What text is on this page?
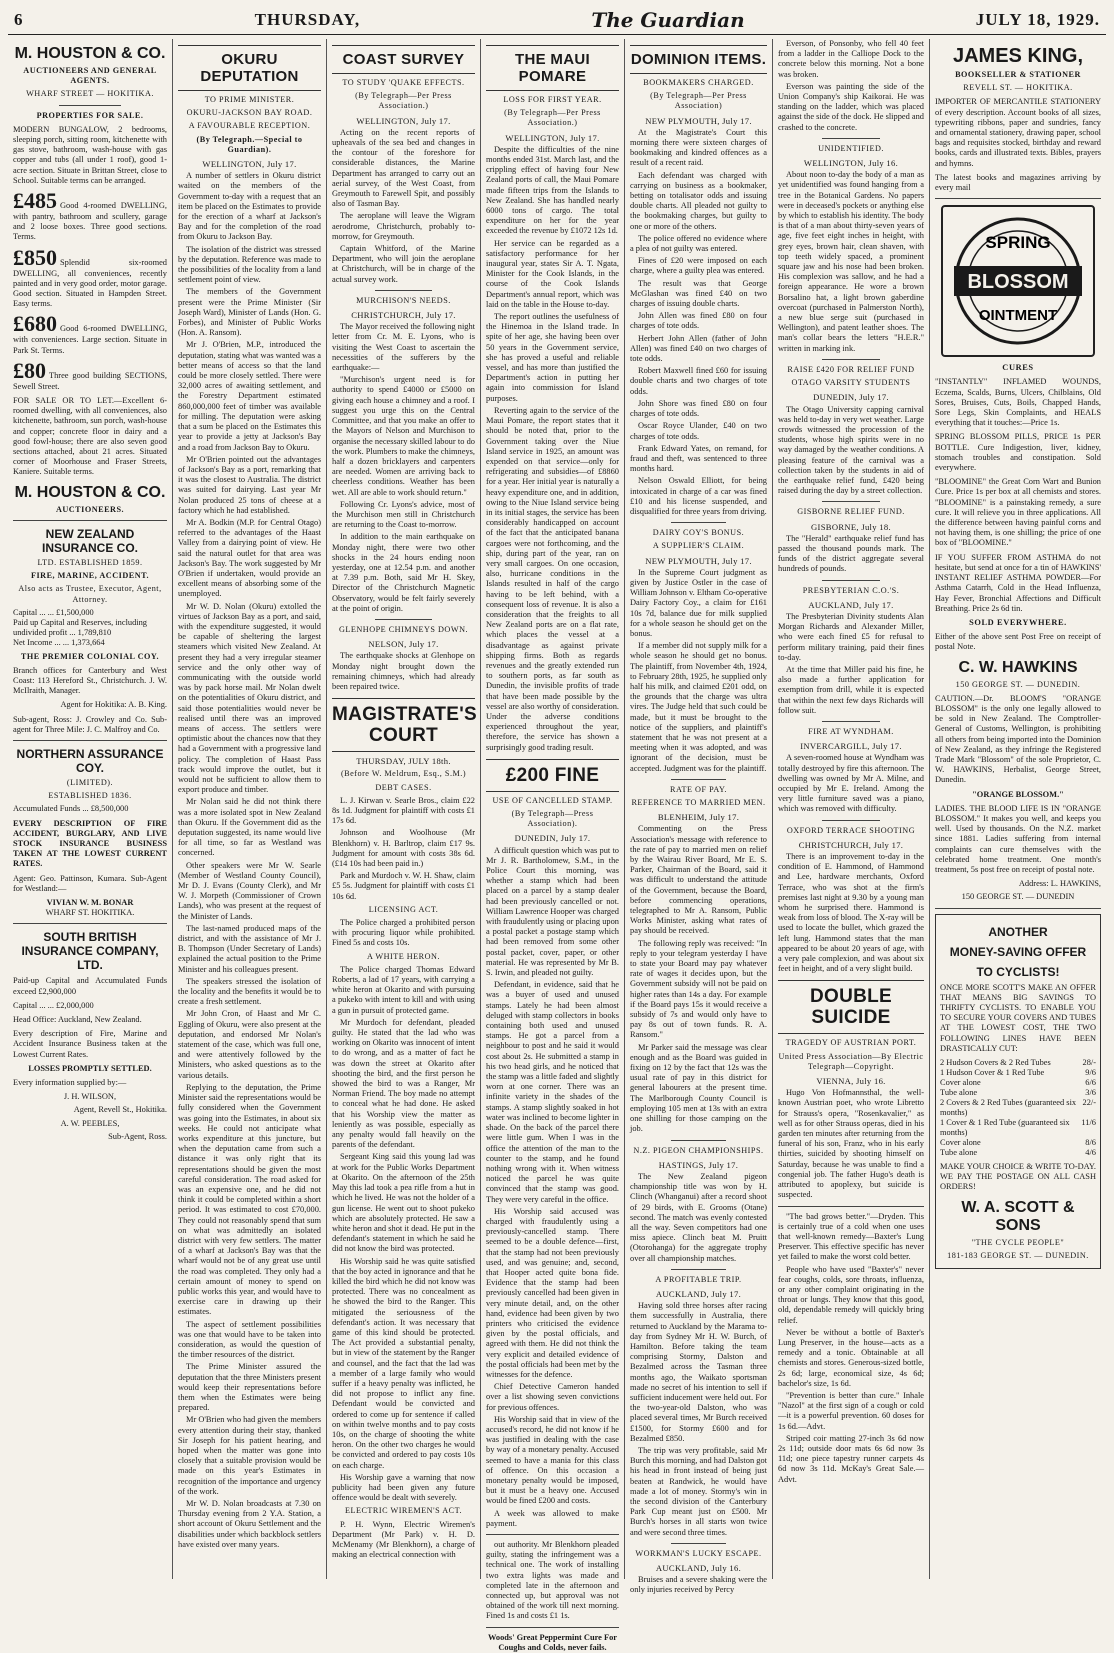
6	THURSDAY,	The Guardian	JULY 18, 1929.
M. HOUSTON & CO.
AUCTIONEERS AND GENERAL AGENTS.
WHARF STREET — HOKITIKA.
PROPERTIES FOR SALE.
MODERN BUNGALOW, 2 bedrooms, sleeping porch, sitting room, kitchenette with gas stove, bathroom, wash-house with gas copper and tubs (all under 1 roof), good 1-acre section. Situate in Brittan Street, close to School. Suitable terms can be arranged.
£485 Good 4-roomed DWELLING, with pantry, bathroom and scullery, garage and 2 loose boxes. Three good sections. Terms.
£850 Splendid six-roomed DWELLING, all conveniences, recently painted and in very good order, motor garage. Good section. Situated in Hampden Street. Easy terms.
£680 Good 6-roomed DWELLING, with conveniences. Large section. Situate in Park St. Terms.
£80 Three good building SECTIONS, Sewell Street.
FOR SALE OR TO LET.—Excellent 6-roomed dwelling, with all conveniences, also kitchenette, bathroom, sun porch, wash-house and copper; concrete floor in dairy and a good fowl-house; there are also seven good sections attached, about 21 acres. Situated corner of Moorhouse and Fraser Streets, Kaniere. Suitable terms.
M. HOUSTON & CO.
AUCTIONEERS.
NEW ZEALAND INSURANCE CO.
LTD. ESTABLISHED 1859.
FIRE, MARINE, ACCIDENT.
Also acts as Trustee, Executor, Agent, Attorney.
Capital ... ... £1,500,000
Paid up Capital and Reserves, including undivided profit ... 1,789,810
Net Income ... ... 1,373,664
THE PREMIER COLONIAL COY.
Branch offices for Canterbury and West Coast: 113 Hereford St., Christchurch. J. W. McIlraith, Manager.
Agent for Hokitika: A. B. King.
Sub-agent, Ross: J. Crowley and Co. Sub-agent for Three Mile: J. C. Malfroy and Co.
NORTHERN ASSURANCE COY.
(LIMITED).
ESTABLISHED 1836.
Accumulated Funds ... £8,500,000
EVERY DESCRIPTION OF FIRE ACCIDENT, BURGLARY, AND LIVE STOCK INSURANCE BUSINESS TAKEN AT THE LOWEST CURRENT RATES.
Agent: Geo. Pattinson, Kumara. Sub-Agent for Westland:—
VIVIAN W. M. BONAR
WHARF ST. HOKITIKA.
SOUTH BRITISH INSURANCE COMPANY, LTD.
Paid-up Capital and Accumulated Funds exceed £2,900,000
Capital ... ... £2,000,000
Head Office: Auckland, New Zealand.
Every description of Fire, Marine and Accident Insurance Business taken at the Lowest Current Rates.
LOSSES PROMPTLY SETTLED.
Every information supplied by:—
J. H. WILSON,
Agent, Revell St., Hokitika.
A. W. PEEBLES,
Sub-Agent, Ross.
OKURU DEPUTATION
TO PRIME MINISTER.
OKURU-JACKSON BAY ROAD.
A FAVOURABLE RECEPTION.
(By Telegraph.—Special to Guardian).
WELLINGTON, July 17.

A number of settlers in Okuru district waited on the members of the Government to-day with a request that an item be placed on the Estimates to provide for the erection of a wharf at Jackson's Bay and for the completion of the road from Okuru to Jackson Bay.

The isolation of the district was stressed by the deputation. Reference was made to the possibilities of the locality from a land settlement point of view.

The members of the Government present were the Prime Minister (Sir Joseph Ward), Minister of Lands (Hon. G. Forbes), and Minister of Public Works (Hon. A. Ransom).

Mr J. O'Brien, M.P., introduced the deputation, stating what was wanted was a better means of access so that the land could be more closely settled. There were 32,000 acres of awaiting settlement, and the Forestry Department estimated 860,000,000 feet of timber was available for milling. The deputation were asking that a sum be placed on the Estimates this year to provide a jetty at Jackson's Bay and a road from Jackson Bay to Okuru.

Mr O'Brien pointed out the advantages of Jackson's Bay as a port, remarking that it was the closest to Australia. The district was suited for dairying. Last year Mr Nolan produced 25 tons of cheese at a factory which he had established.

Mr A. Bodkin (M.P. for Central Otago) referred to the advantages of the Haast Valley from a dairying point of view. He said the natural outlet for that area was Jackson's Bay. The work suggested by Mr O'Brien if undertaken, would provide an excellent means of absorbing some of the unemployed.

Mr W. D. Nolan (Okuru) extolled the virtues of Jackson Bay as a port, and said, with the expenditure suggested, it would be capable of sheltering the largest steamers which visited New Zealand. At present they had a very irregular steamer service and the only other way of communicating with the outside world was by pack horse mail. Mr Nolan dwelt on the potentialities of Okuru district, and said those potentialities would never be realised until there was an improved means of access. The settlers were optimistic about the chances now that they had a Government with a progressive land policy. The completion of Haast Pass track would improve the outlet, but it would not be sufficient to allow them to export produce and timber.

Mr Nolan said he did not think there was a more isolated spot in New Zealand than Okuru. If the Government did as the deputation suggested, its name would live for all time, so far as Westland was concerned.

Other speakers were Mr W. Searle (Member of Westland County Council), Mr D. J. Evans (County Clerk), and Mr W. J. Morpeth (Commissioner of Crown Lands), who was present at the request of the Minister of Lands.

The last-named produced maps of the district, and with the assistance of Mr J. B. Thompson (Under Secretary of Lands) explained the actual position to the Prime Minister and his colleagues present.

The speakers stressed the isolation of the locality and the benefits it would be to create a fresh settlement.

Mr John Cron, of Haast and Mr C. Eggling of Okuru, were also present at the deputation, and endorsed Mr Nolan's statement of the case, which was full one, and were attentively followed by the Ministers, who asked questions as to the various details.

Replying to the deputation, the Prime Minister said the representations would be fully considered when the Government was going into the Estimates, in about six weeks. He could not anticipate what works expenditure at this juncture, but when the deputation came from such a distance it was only right that its representations should be given the most careful consideration. The road asked for was an expensive one, and he did not think it could be completed within a short period. It was estimated to cost £70,000. They could not reasonably spend that sum on what was admittedly an isolated district with very few settlers. The matter of a wharf at Jackson's Bay was that the wharf would not be of any great use until the road was completed. They only had a certain amount of money to spend on public works this year, and would have to exercise care in drawing up their estimates.

The aspect of settlement possibilities was one that would have to be taken into consideration, as would the question of the timber resources of the district.

The Prime Minister assured the deputation that the three Ministers present would keep their representations before them when the Estimates were being prepared.

Mr O'Brien who had given the members every attention during their stay, thanked Sir Joseph for his patient hearing, and hoped when the matter was gone into closely that a suitable provision would be made on this year's Estimates in recognition of the importance and urgency of the work.

Mr W. D. Nolan broadcasts at 7.30 on Thursday evening from 2 Y.A. Station, a short account of Okuru Settlement and the disabilities under which backblock settlers have existed over many years.

COAST SURVEY
TO STUDY 'QUAKE EFFECTS.
(By Telegraph—Per Press Association.)
WELLINGTON, July 17.

Acting on the recent reports of upheavals of the sea bed and changes in the contour of the foreshore for considerable distances, the Marine Department has arranged to carry out an aerial survey, of the West Coast, from Greymouth to Farewell Spit, and possibly also of Tasman Bay.

The aeroplane will leave the Wigram aerodrome, Christchurch, probably to-morrow, for Greymouth.

Captain Whitford, of the Marine Department, who will join the aeroplane at Christchurch, will be in charge of the actual survey work.

MURCHISON'S NEEDS.
CHRISTCHURCH, July 17.

The Mayor received the following night letter from Cr. M. E. Lyons, who is visiting the West Coast to ascertain the necessities of the sufferers by the earthquake:—

"Murchison's urgent need is for authority to spend £4000 or £5000 on giving each house a chimney and a roof. I suggest you urge this on the Central Committee, and that you make an offer to the Mayors of Nelson and Murchison to organise the necessary skilled labour to do the work. Plumbers to make the chimneys, half a dozen bricklayers and carpenters are needed. Women are arriving back to cheerless conditions. Weather has been wet. All are able to work should return."

Following Cr. Lyons's advice, most of the Murchison men still in Christchurch are returning to the Coast to-morrow.

In addition to the main earthquake on Monday night, there were two other shocks in the 24 hours ending noon yesterday, one at 12.54 p.m. and another at 7.39 p.m. Both, said Mr H. Skey, Director of the Christchurch Magnetic Observatory, would be felt fairly severely at the point of origin.

GLENHOPE CHIMNEYS DOWN.
NELSON, July 17.

The earthquake shocks at Glenhope on Monday night brought down the remaining chimneys, which had already been repaired twice.

MAGISTRATE'S COURT
THURSDAY, JULY 18th.
(Before W. Meldrum, Esq., S.M.)
DEBT CASES.

L. J. Kirwan v. Searle Bros., claim £22 8s 1d. Judgment for plaintiff with costs £1 17s 6d.

Johnson and Woolhouse (Mr Blenkhorn) v. H. Barltrop, claim £17 9s. Judgment for amount with costs 38s 6d. (£14 10s had been paid in.)

Park and Murdoch v. W. H. Shaw, claim £5 5s. Judgment for plaintiff with costs £1 10s 6d.

LICENSING ACT.

The Police charged a prohibited person with procuring liquor while prohibited. Fined 5s and costs 10s.

A WHITE HERON.

The Police charged Thomas Edward Roberts, a lad of 17 years, with carrying a white heron at Okarito and with pursuing a pukeko with intent to kill and with using a gun in pursuit of protected game.

Mr Murdoch for defendant, pleaded guilty. He stated that the lad who was working on Okarito was innocent of intent to do wrong, and as a matter of fact he was down the street at Okarito after shooting the bird, and the first person he showed the bird to was a Ranger, Mr Norman Friend. The boy made no attempt to conceal what he had done. He asked that his Worship view the matter as leniently as was possible, especially as any penalty would fall heavily on the parents of the defendant.

Sergeant King said this young lad was at work for the Public Works Department at Okarito. On the afternoon of the 25th May this lad took a pea rifle from a hut in which he lived. He was not the holder of a gun license. He went out to shoot pukeko which are absolutely protected. He saw a white heron and shot it dead. He put in the defendant's statement in which he said he did not know the bird was protected.

His Worship said he was quite satisfied that the boy acted in ignorance and that he killed the bird which he did not know was protected. There was no concealment as he showed the bird to the Ranger. This mitigated the seriousness of the defendant's action. It was necessary that game of this kind should be protected. The Act provided a substantial penalty, but in view of the statement by the Ranger and counsel, and the fact that the lad was a member of a large family who would suffer if a heavy penalty was inflicted, he did not propose to inflict any fine. Defendant would be convicted and ordered to come up for sentence if called on within twelve months and to pay costs 10s, on the charge of shooting the white heron. On the other two charges he would be convicted and ordered to pay costs 10s on each charge.

His Worship gave a warning that now publicity had been given any future offence would be dealt with severely.

ELECTRIC WIREMEN'S ACT.

P. H. Wynn, Electric Wiremen's Department (Mr Park) v. H. D. McMenamy (Mr Blenkhorn), a charge of making an electrical connection with

THE MAUI POMARE
LOSS FOR FIRST YEAR.
(By Telegraph—Per Press Association.)
WELLINGTON, July 17.

Despite the difficulties of the nine months ended 31st. March last, and the crippling effect of having four New Zealand ports of call, the Maui Pomare made fifteen trips from the Islands to New Zealand. She has handled nearly 6000 tons of cargo. The total expenditure on her for the year exceeded the revenue by £1072 12s 1d.

Her service can be regarded as a satisfactory performance for her inaugural year, states Sir A. T. Ngata, Minister for the Cook Islands, in the course of the Cook Islands Department's annual report, which was laid on the table in the House to-day.

The report outlines the usefulness of the Hinemoa in the Island trade. In spite of her age, she having been over 50 years in the Government service, she has proved a useful and reliable vessel, and has more than justified the Department's action in putting her again into commission for Island purposes.

Reverting again to the service of the Maui Pomare, the report states that it should be noted that, prior to the Government taking over the Niue Island service in 1925, an amount was expended on that service—only for refrigerating and subsidies—of £8860 for a year. Her initial year is naturally a heavy expenditure one, and in addition, owing to the Niue Island service being in its initial stages, the service has been considerably handicapped on account of the fact that the anticipated banana cargoes were not forthcoming, and the ship, during part of the year, ran on very small cargoes. On one occasion, also, hurricane conditions in the Islands resulted in half of the cargo having to be left behind, with a consequent loss of revenue. It is also a consideration that the freights to all New Zealand ports are on a flat rate, which places the vessel at a disadvantage as against private shipping firms. Both as regards revenues and the greatly extended run to southern ports, as far south as Dunedin, the invisible profits of trade that have been made possible by the vessel are also worthy of consideration. Under the adverse conditions experienced throughout the year, therefore, the service has shown a surprisingly good trading result.

£200 FINE
USE OF CANCELLED STAMP.
(By Telegraph—Press Association).
DUNEDIN, July 17.

A difficult question which was put to Mr J. R. Bartholomew, S.M., in the Police Court this morning, was whether a stamp which had been placed on a parcel by a stamp dealer had been previously cancelled or not. William Lawrence Hooper was charged with fraudulently using or placing upon a postal packet a postage stamp which had been removed from some other postal packet, cover, paper, or other material. He was represented by Mr B. S. Irwin, and pleaded not guilty.

Defendant, in evidence, said that he was a buyer of used and unused stamps. Lately he had been almost deluged with stamp collectors in books containing both used and unused stamps. He got a parcel from a neighbour to post and he said it would cost about 2s. He submitted a stamp in his two head girls, and he noticed that the stamp was a little faded and slightly worn at one corner. There was an infinite variety in the shades of the stamps. A stamp slightly soaked in hot water was inclined to become lighter in shade. On the back of the parcel there were little gum. When I was in the office the attention of the man to the counter to the stamp, and he found nothing wrong with it. When witness noticed the parcel he was quite convinced that the stamp was good. They were very careful in the office.

His Worship said accused was charged with fraudulently using a previously-cancelled stamp. There seemed to be a double defence—first, that the stamp had not been previously used, and was genuine; and, second, that Hooper acted quite bona fide. Evidence that the stamp had been previously cancelled had been given in very minute detail, and, on the other hand, evidence had been given by two printers who criticised the evidence given by the postal officials, and agreed with them. He did not think the very explicit and detailed evidence of the postal officials had been met by the witnesses for the defence.

Chief Detective Cameron handed over a list showing seven convictions for previous offences.

His Worship said that in view of the accused's record, he did not know if he was justified in dealing with the case by way of a monetary penalty. Accused seemed to have a mania for this class of offence. On this occasion a monetary penalty would be imposed, but it must be a heavy one. Accused would be fined £200 and costs.

A week was allowed to make payment.

out authority. Mr Blenkhorn pleaded guilty, stating the infringement was a technical one. The work of installing two extra lights was made and completed late in the afternoon and connected up, but approval was not obtained of the work till next morning. Fined 1s and costs £1 1s.

Woods' Great Peppermint Cure For Coughs and Colds, never fails.
DOMINION ITEMS.
BOOKMAKERS CHARGED.
(By Telegraph—Per Press Association)
NEW PLYMOUTH, July 17.

At the Magistrate's Court this morning there were sixteen charges of bookmaking and kindred offences as a result of a recent raid.

Each defendant was charged with carrying on business as a bookmaker, betting on totalisator odds and issuing double charts. All pleaded not guilty to the bookmaking charges, but guilty to one or more of the others.

The police offered no evidence where a plea of not guilty was entered.

Fines of £20 were imposed on each charge, where a guilty plea was entered.

The result was that George McGlashan was fined £40 on two charges of issuing double charts.

John Allen was fined £80 on four charges of tote odds.

Herbert John Allen (father of John Allen) was fined £40 on two charges of tote odds.

Robert Maxwell fined £60 for issuing double charts and two charges of tote odds.

John Shore was fined £80 on four charges of tote odds.

Oscar Royce Ulander, £40 on two charges of tote odds.

Frank Edward Yates, on remand, for fraud and theft, was sentenced to three months hard.

Nelson Oswald Elliott, for being intoxicated in charge of a car was fined £10 and his license suspended, and disqualified for three years from driving.

DAIRY COY'S BONUS.
A SUPPLIER'S CLAIM.
NEW PLYMOUTH, July 17.

In the Supreme Court judgment as given by Justice Ostler in the case of William Johnson v. Eltham Co-operative Dairy Factory Coy., a claim for £161 10s 7d, balance due for milk supplied for a whole season he should get on the bonus.

If a member did not supply milk for a whole season he should get no bonus. The plaintiff, from November 4th, 1924, to February 28th, 1925, he supplied only half his milk, and claimed £201 odd, on the grounds that the charge was ultra vires. The Judge held that such could be made, but it must be brought to the notice of the suppliers, and plaintiff's statement that he was not present at a meeting when it was adopted, and was ignorant of the decision, must be accepted. Judgment was for the plaintiff.

RATE OF PAY.
REFERENCE TO MARRIED MEN.
BLENHEIM, July 17.

Commenting on the Press Association's message with reference to the rate of pay to married men on relief by the Wairau River Board, Mr E. S. Parker, Chairman of the Board, said it was difficult to understand the attitude of the Government, because the Board, before commencing operations, telegraphed to Mr A. Ransom, Public Works Minister, asking what rates of pay should be received.

The following reply was received: "In reply to your telegram yesterday I have to state your Board may pay whatever rate of wages it decides upon, but the Government subsidy will not be paid on higher rates than 14s a day. For example if the Board pays 15s it would receive a subsidy of 7s and would only have to pay 8s out of town funds. R. A. Ransom."

Mr Parker said the message was clear enough and as the Board was guided in fixing on 12 by the fact that 12s was the usual rate of pay in this district for general labourers at the present time. The Marlborough County Council is employing 105 men at 13s with an extra one shilling for those camping on the job.

N.Z. PIGEON CHAMPIONSHIPS.
HASTINGS, July 17.

The New Zealand pigeon championship title was won by H. Clinch (Whanganui) after a record shoot of 29 birds, with E. Grooms (Otane) second. The match was evenly contested all the way. Seven competitors had one miss apiece. Clinch beat M. Pruitt (Otorohanga) for the aggregate trophy over all championship matches.

A PROFITABLE TRIP.
AUCKLAND, July 17.

Having sold three horses after racing them successfully in Australia, there returned to Auckland by the Marama to-day from Sydney Mr H. W. Burch, of Hamilton. Before taking the team comprising Stormy, Dalston and Bezalmed across the Tasman three months ago, the Waikato sportsman made no secret of his intention to sell if sufficient inducement were held out. For the two-year-old Dalston, who was placed several times, Mr Burch received £1500, for Stormy £600 and for Bezalmed £850.

The trip was very profitable, said Mr Burch this morning, and had Dalston got his head in front instead of being just beaten at Randwick, he would have made a lot of money. Stormy's win in the second division of the Canterbury Park Cup meant just on £500. Mr Burch's horses in all starts won twice and were second three times.

WORKMAN'S LUCKY ESCAPE.
AUCKLAND, July 16.

Bruises and a severe shaking were the only injuries received by Percy

Everson, of Ponsonby, who fell 40 feet from a ladder in the Calliope Dock to the concrete below this morning. Not a bone was broken.

Everson was painting the side of the Union Company's ship Kaikorai. He was standing on the ladder, which was placed against the side of the dock. He slipped and crashed to the concrete.

UNIDENTIFIED.
WELLINGTON, July 16.

About noon to-day the body of a man as yet unidentified was found hanging from a tree in the Botanical Gardens. No papers were in deceased's pockets or anything else by which to establish his identity. The body is that of a man about thirty-seven years of age, five feet eight inches in height, with grey eyes, brown hair, clean shaven, with top teeth widely spaced, a prominent square jaw and his nose had been broken. His complexion was sallow, and he had a foreign appearance. He wore a brown Borsalino hat, a light brown gaberdine overcoat (purchased in Palmerston North), a new blue serge suit (purchased in Wellington), and patent leather shoes. The man's collar bears the letters "H.E.R." written in marking ink.

RAISE £420 FOR RELIEF FUND
OTAGO VARSITY STUDENTS
DUNEDIN, July 17.

The Otago University capping carnival was held to-day in very wet weather. Large crowds witnessed the procession of the students, whose high spirits were in no way damaged by the weather conditions. A pleasing feature of the carnival was a collection taken by the students in aid of the earthquake relief fund, £420 being raised during the day by a street collection.

GISBORNE RELIEF FUND.
GISBORNE, July 18.

The "Herald" earthquake relief fund has passed the thousand pounds mark. The funds of the district aggregate several hundreds of pounds.

PRESBYTERIAN C.O.'S.
AUCKLAND, July 17.

The Presbyterian Divinity students Alan Morgan Richards and Alexander Miller, who were each fined £5 for refusal to perform military training, paid their fines to-day.

At the time that Miller paid his fine, he also made a further application for exemption from drill, while it is expected that within the next few days Richards will follow suit.

FIRE AT WYNDHAM.
INVERCARGILL, July 17.

A seven-roomed house at Wyndham was totally destroyed by fire this afternoon. The dwelling was owned by Mr A. Milne, and occupied by Mr E. Ireland. Among the very little furniture saved was a piano, which was removed with difficulty.

OXFORD TERRACE SHOOTING
CHRISTCHURCH, July 17.

There is an improvement to-day in the condition of E. Hammond, of Hammond and Lee, hardware merchants, Oxford Terrace, who was shot at the firm's premises last night at 9.30 by a young man whom he surprised there. Hammond is weak from loss of blood. The X-ray will be used to locate the bullet, which grazed the left lung. Hammond states that the man appeared to be about 20 years of age, with a very pale complexion, and was about six feet in height, and of a very slight build.

DOUBLE SUICIDE
TRAGEDY OF AUSTRIAN PORT.
United Press Association—By Electric Telegraph—Copyright.
VIENNA, July 16.

Hugo Von Hofmannsthal, the well-known Austrian poet, who wrote Libretto for Strauss's opera, "Rosenkavalier," as well as for other Strauss operas, died in his garden ten minutes after returning from the funeral of his son, Franz, who in his early thirties, suicided by shooting himself on Saturday, because he was unable to find a congenial job. The father Hugo's death is attributed to apoplexy, but suicide is suspected.

"The bad grows better."—Dryden. This is certainly true of a cold when one uses that well-known remedy—Baxter's Lung Preserver. This effective specific has never yet failed to make the worst cold better.

People who have used "Baxter's" never fear coughs, colds, sore throats, influenza, or any other complaint originating in the throat or lungs. They know that this good, old, dependable remedy will quickly bring relief.

Never be without a bottle of Baxter's Lung Preserver, in the house—acts as a remedy and a tonic. Obtainable at all chemists and stores. Generous-sized bottle, 2s 6d; large, economical size, 4s 6d; bachelor's size, 1s 6d.

"Prevention is better than cure." Inhale "Nazol" at the first sign of a cough or cold—it is a powerful prevention. 60 doses for 1s 6d.—Advt.

Striped coir matting 27-inch 3s 6d now 2s 11d; outside door mats 6s 6d now 3s 11d; one piece tapestry runner carpets 4s 6d now 3s 11d. McKay's Great Sale.—Advt.

JAMES KING,
BOOKSELLER & STATIONER
REVELL ST. — HOKITIKA.
IMPORTER OF MERCANTILE STATIONERY of every description. Account books of all sizes, typewriting ribbons, paper and sundries, fancy and ornamental stationery, drawing paper, school bags and requisites stocked, birthday and reward books, cards and illustrated texts. Bibles, prayers and hymns.
The latest books and magazines arriving by every mail
SPRING
BLOSSOM
OINTMENT
CURES
"INSTANTLY" INFLAMED WOUNDS, Eczema, Scalds, Burns, Ulcers, Chilblains, Old Sores, Bruises, Cuts, Boils, Chapped Hands, Sore Legs, Skin Complaints, and HEALS everything that it touches:—Price 1s.
SPRING BLOSSOM PILLS, PRICE 1s PER BOTTLE. Cure Indigestion, liver, kidney, stomach troubles and constipation. Sold everywhere.
"BLOOMINE" the Great Corn Wart and Bunion Cure. Price 1s per box at all chemists and stores. "BLOOMINE" is a painstaking remedy, a sure cure. It will relieve you in three applications. All the difference between having painful corns and not having them, is one shilling; the price of one box of "BLOOMINE."
IF YOU SUFFER FROM ASTHMA do not hesitate, but send at once for a tin of HAWKINS' INSTANT RELIEF ASTHMA POWDER—For Asthma Catarrh, Cold in the Head Influenza, Hay Fever, Bronchial Affections and Difficult Breathing. Price 2s 6d tin.
SOLD EVERYWHERE.
Either of the above sent Post Free on receipt of postal Note.
C. W. HAWKINS
150 GEORGE ST. — DUNEDIN.
CAUTION.—Dr. BLOOM'S "ORANGE BLOSSOM" is the only one legally allowed to be sold in New Zealand. The Comptroller-General of Customs, Wellington, is prohibiting all others from being imported into the Dominion of New Zealand, as they infringe the Registered Trade Mark "Blossom" of the sole Proprietor, C. W. HAWKINS, Herbalist, George Street, Dunedin.
"ORANGE BLOSSOM."
LADIES. THE BLOOD LIFE IS IN "ORANGE BLOSSOM." It makes you well, and keeps you well. Used by thousands. On the N.Z. market since 1881. Ladies suffering from internal complaints can cure themselves with the celebrated home treatment. One month's treatment, 5s post free on receipt of postal note.
Address: L. HAWKINS,
150 GEORGE ST. — DUNEDIN
ANOTHER
MONEY-SAVING OFFER
TO CYCLISTS!
ONCE MORE SCOTT'S MAKE AN OFFER THAT MEANS BIG SAVINGS TO THRIFTY CYCLISTS. TO ENABLE YOU TO SECURE YOUR COVERS AND TUBES AT THE LOWEST COST, THE TWO FOLLOWING LINES HAVE BEEN DRASTICALLY CUT:
2 Hudson Covers & 2 Red Tubes	28/-
1 Hudson Cover & 1 Red Tube	9/6
Cover alone	6/6
Tube alone	3/6
2 Covers & 2 Red Tubes (guaranteed six months)	22/-
1 Cover & 1 Red Tube (guaranteed six months)	11/6
Cover alone	8/6
Tube alone	4/6
MAKE YOUR CHOICE & WRITE TO-DAY. WE PAY THE POSTAGE ON ALL CASH ORDERS!
W. A. SCOTT & SONS
"THE CYCLE PEOPLE"
181-183 GEORGE ST. — DUNEDIN.
